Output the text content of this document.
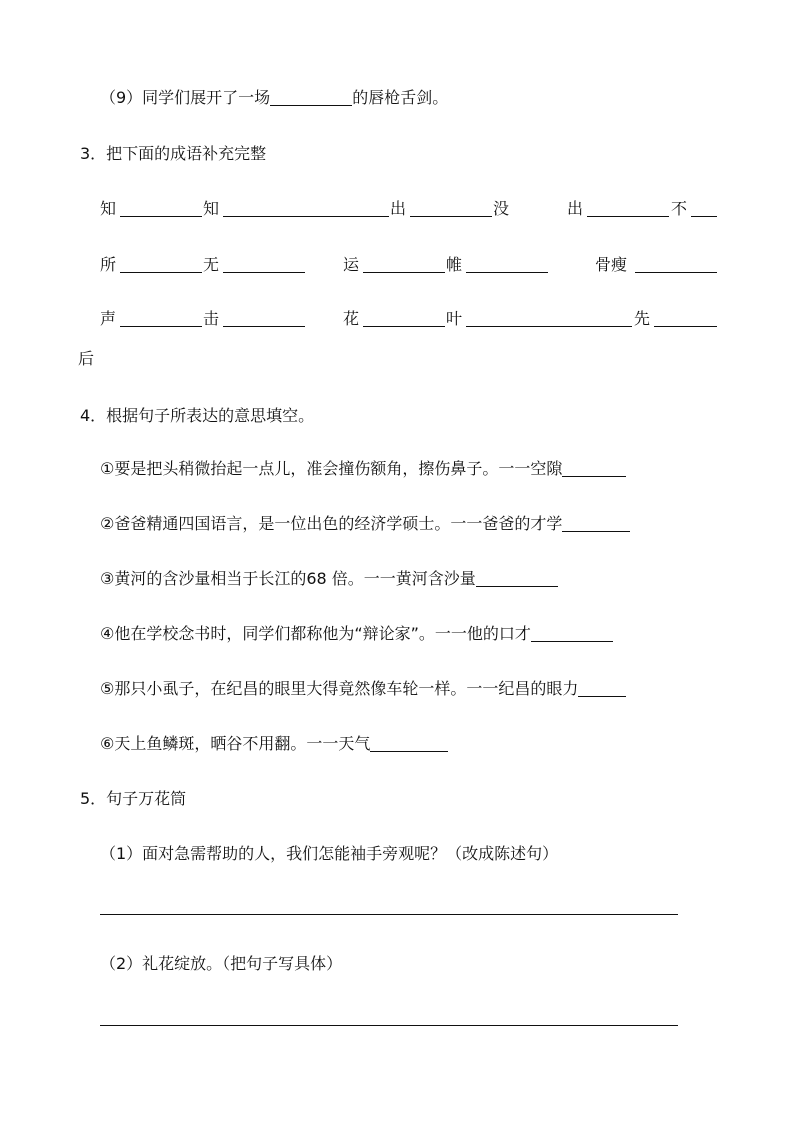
（9）同学们展开了一场	的唇枪舌剑。
3．把下面的成语补充完整
知	知	出	没	出	不
所	无	运	帷	骨瘦
声	击	花	叶	先
后
4．根据句子所表达的意思填空。
①要是把头稍微抬起一点儿，准会撞伤额角，擦伤鼻子。一一空隙
②爸爸精通四国语言，是一位出色的经济学硕士。一一爸爸的才学
③黄河的含沙量相当于长江的68 倍。一一黄河含沙量
④他在学校念书时，同学们都称他为“辩论家”。一一他的口才
⑤那只小虱子，在纪昌的眼里大得竟然像车轮一样。一一纪昌的眼力
⑥天上鱼鳞斑，晒谷不用翻。一一天气
5．句子万花筒
（1）面对急需帮助的人，我们怎能袖手旁观呢？（改成陈述句）
（2）礼花绽放。（把句子写具体）
